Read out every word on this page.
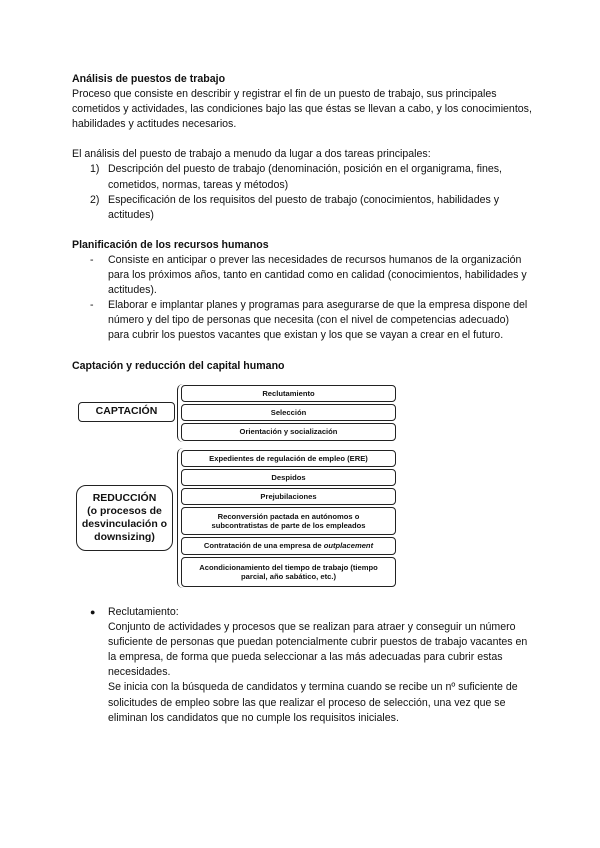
Análisis de puestos de trabajo

Proceso que consiste en describir y registrar el fin de un puesto de trabajo, sus principales cometidos y actividades, las condiciones bajo las que éstas se llevan a cabo, y los conocimientos, habilidades y actitudes necesarios.

El análisis del puesto de trabajo a menudo da lugar a dos tareas principales:

1) Descripción del puesto de trabajo (denominación, posición en el organigrama, fines, cometidos, normas, tareas y métodos)
2) Especificación de los requisitos del puesto de trabajo (conocimientos, habilidades y actitudes)

Planificación de los recursos humanos

- Consiste en anticipar o prever las necesidades de recursos humanos de la organización para los próximos años, tanto en cantidad como en calidad (conocimientos, habilidades y actitudes).
- Elaborar e implantar planes y programas para asegurarse de que la empresa dispone del número y del tipo de personas que necesita (con el nivel de competencias adecuado) para cubrir los puestos vacantes que existan y los que se vayan a crear en el futuro.

Captación y reducción del capital humano

CAPTACIÓN
Reclutamiento
Selección
Orientación y socialización
REDUCCIÓN
(o procesos de desvinculación o downsizing)
Expedientes de regulación de empleo (ERE)
Despidos
Prejubilaciones
Reconversión pactada en autónomos o subcontratistas de parte de los empleados
Contratación de una empresa de
outplacement
Acondicionamiento del tiempo de trabajo (tiempo parcial, año sabático, etc.)
● Reclutamiento:

Conjunto de actividades y procesos que se realizan para atraer y conseguir un número suficiente de personas que puedan potencialmente cubrir puestos de trabajo vacantes en la empresa, de forma que pueda seleccionar a las más adecuadas para cubrir estas necesidades.

Se inicia con la búsqueda de candidatos y termina cuando se recibe un nº suficiente de solicitudes de empleo sobre las que realizar el proceso de selección, una vez que se eliminan los candidatos que no cumple los requisitos iniciales.
